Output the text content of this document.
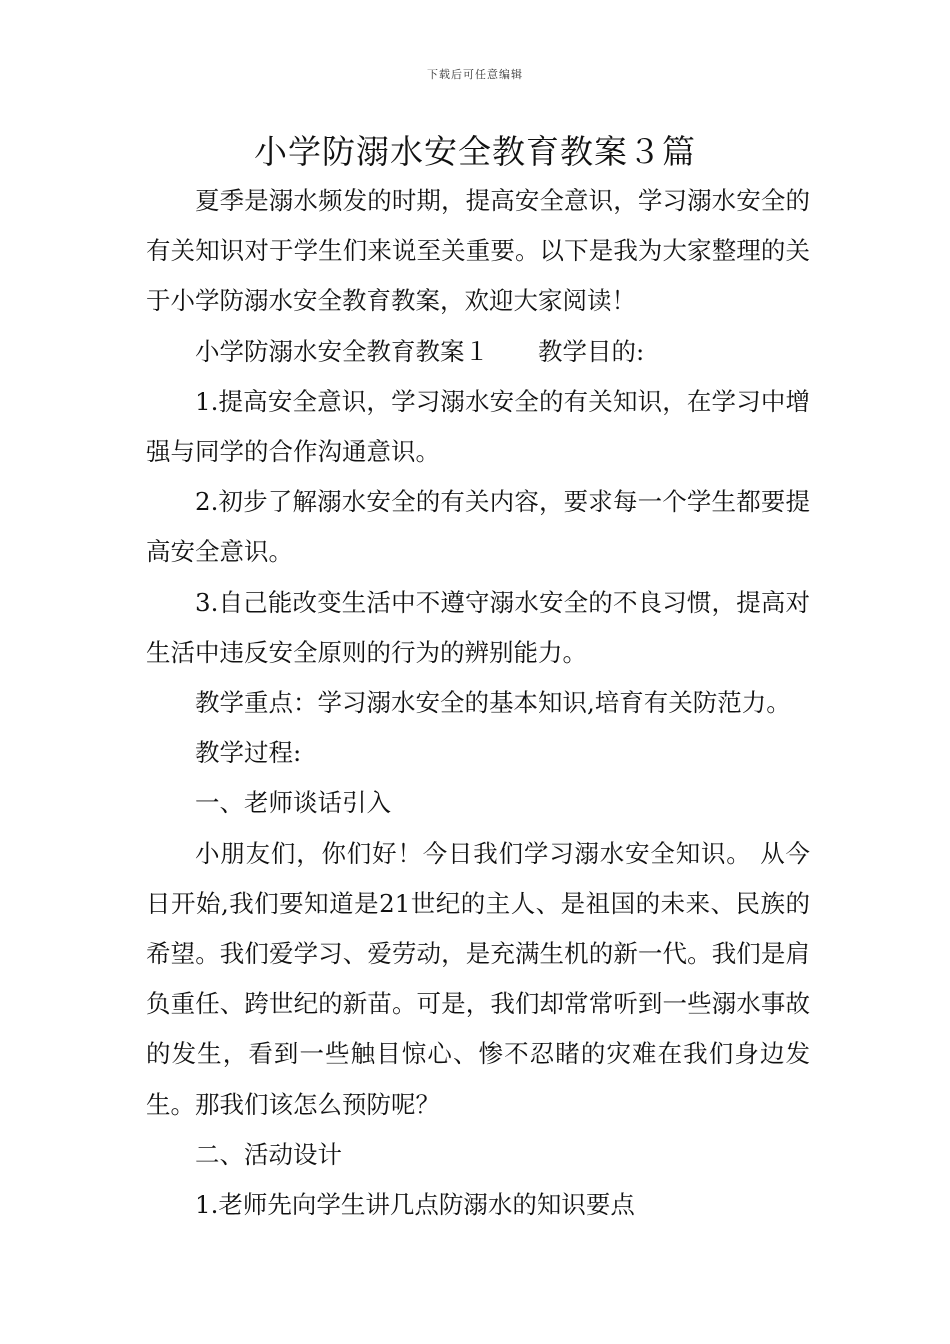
下载后可任意编辑
小学防溺水安全教育教案３篇

夏季是溺水频发的时期，提高安全意识，学习溺水安全的有关知识对于学生们来说至关重要。以下是我为大家整理的关于小学防溺水安全教育教案，欢迎大家阅读！

小学防溺水安全教育教案１　　教学目的:

1.提高安全意识，学习溺水安全的有关知识，在学习中增强与同学的合作沟通意识。

2.初步了解溺水安全的有关内容，要求每一个学生都要提高安全意识。

3.自己能改变生活中不遵守溺水安全的不良习惯，提高对生活中违反安全原则的行为的辨别能力。

教学重点：学习溺水安全的基本知识,培育有关防范力。

教学过程:

一、老师谈话引入

小朋友们，你们好！今日我们学习溺水安全知识。 从今日开始,我们要知道是21世纪的主人、是祖国的未来、民族的希望。我们爱学习、爱劳动，是充满生机的新一代。我们是肩负重任、跨世纪的新苗。可是，我们却常常听到一些溺水事故的发生，看到一些触目惊心、惨不忍睹的灾难在我们身边发生。那我们该怎么预防呢？

二、活动设计

1.老师先向学生讲几点防溺水的知识要点
